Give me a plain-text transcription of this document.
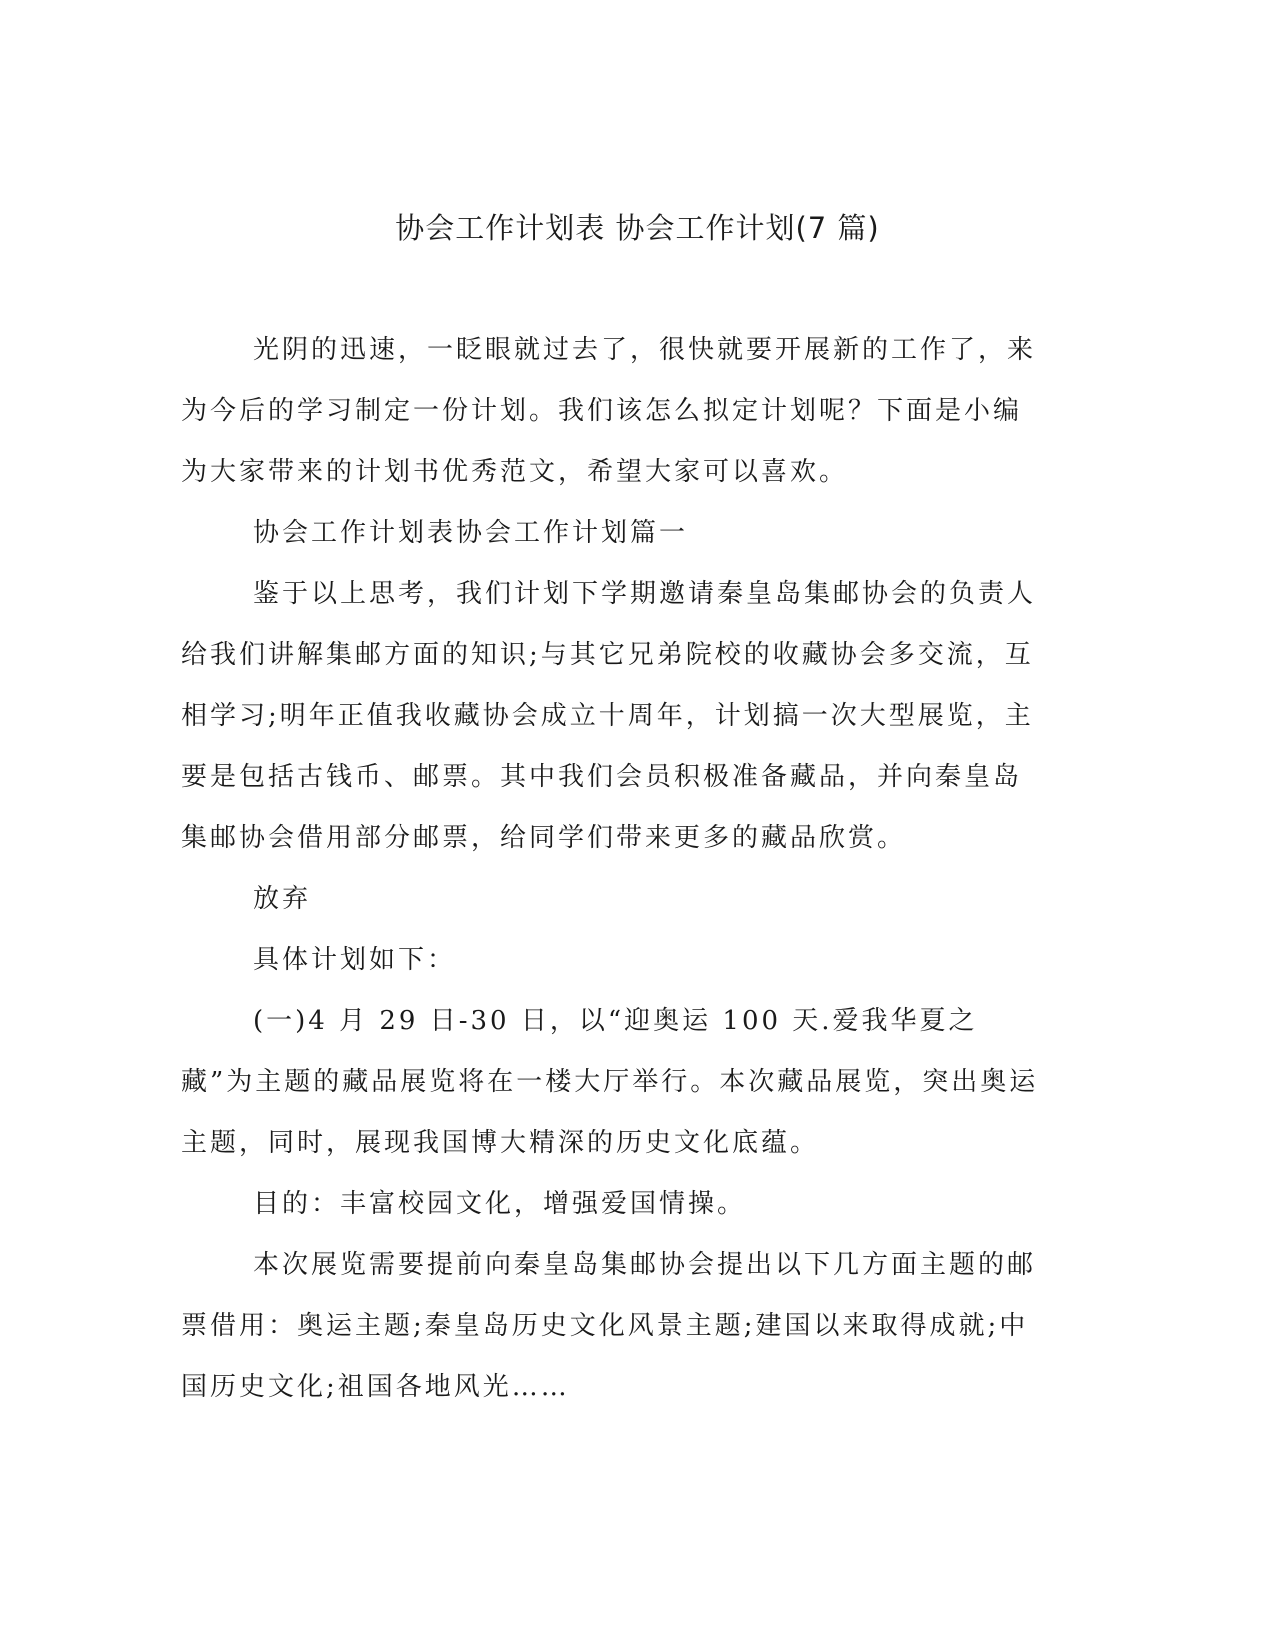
协会工作计划表 协会工作计划(7 篇)

光阴的迅速，一眨眼就过去了，很快就要开展新的工作了，来为今后的学习制定一份计划。我们该怎么拟定计划呢？下面是小编为大家带来的计划书优秀范文，希望大家可以喜欢。

协会工作计划表协会工作计划篇一

鉴于以上思考，我们计划下学期邀请秦皇岛集邮协会的负责人给我们讲解集邮方面的知识;与其它兄弟院校的收藏协会多交流，互相学习;明年正值我收藏协会成立十周年，计划搞一次大型展览，主要是包括古钱币、邮票。其中我们会员积极准备藏品，并向秦皇岛集邮协会借用部分邮票，给同学们带来更多的藏品欣赏。

放弃

具体计划如下：

(一)4 月 29 日-30 日，以“迎奥运 100 天.爱我华夏之藏”为主题的藏品展览将在一楼大厅举行。本次藏品展览，突出奥运主题，同时，展现我国博大精深的历史文化底蕴。

目的：丰富校园文化，增强爱国情操。

本次展览需要提前向秦皇岛集邮协会提出以下几方面主题的邮票借用：奥运主题;秦皇岛历史文化风景主题;建国以来取得成就;中国历史文化;祖国各地风光……
